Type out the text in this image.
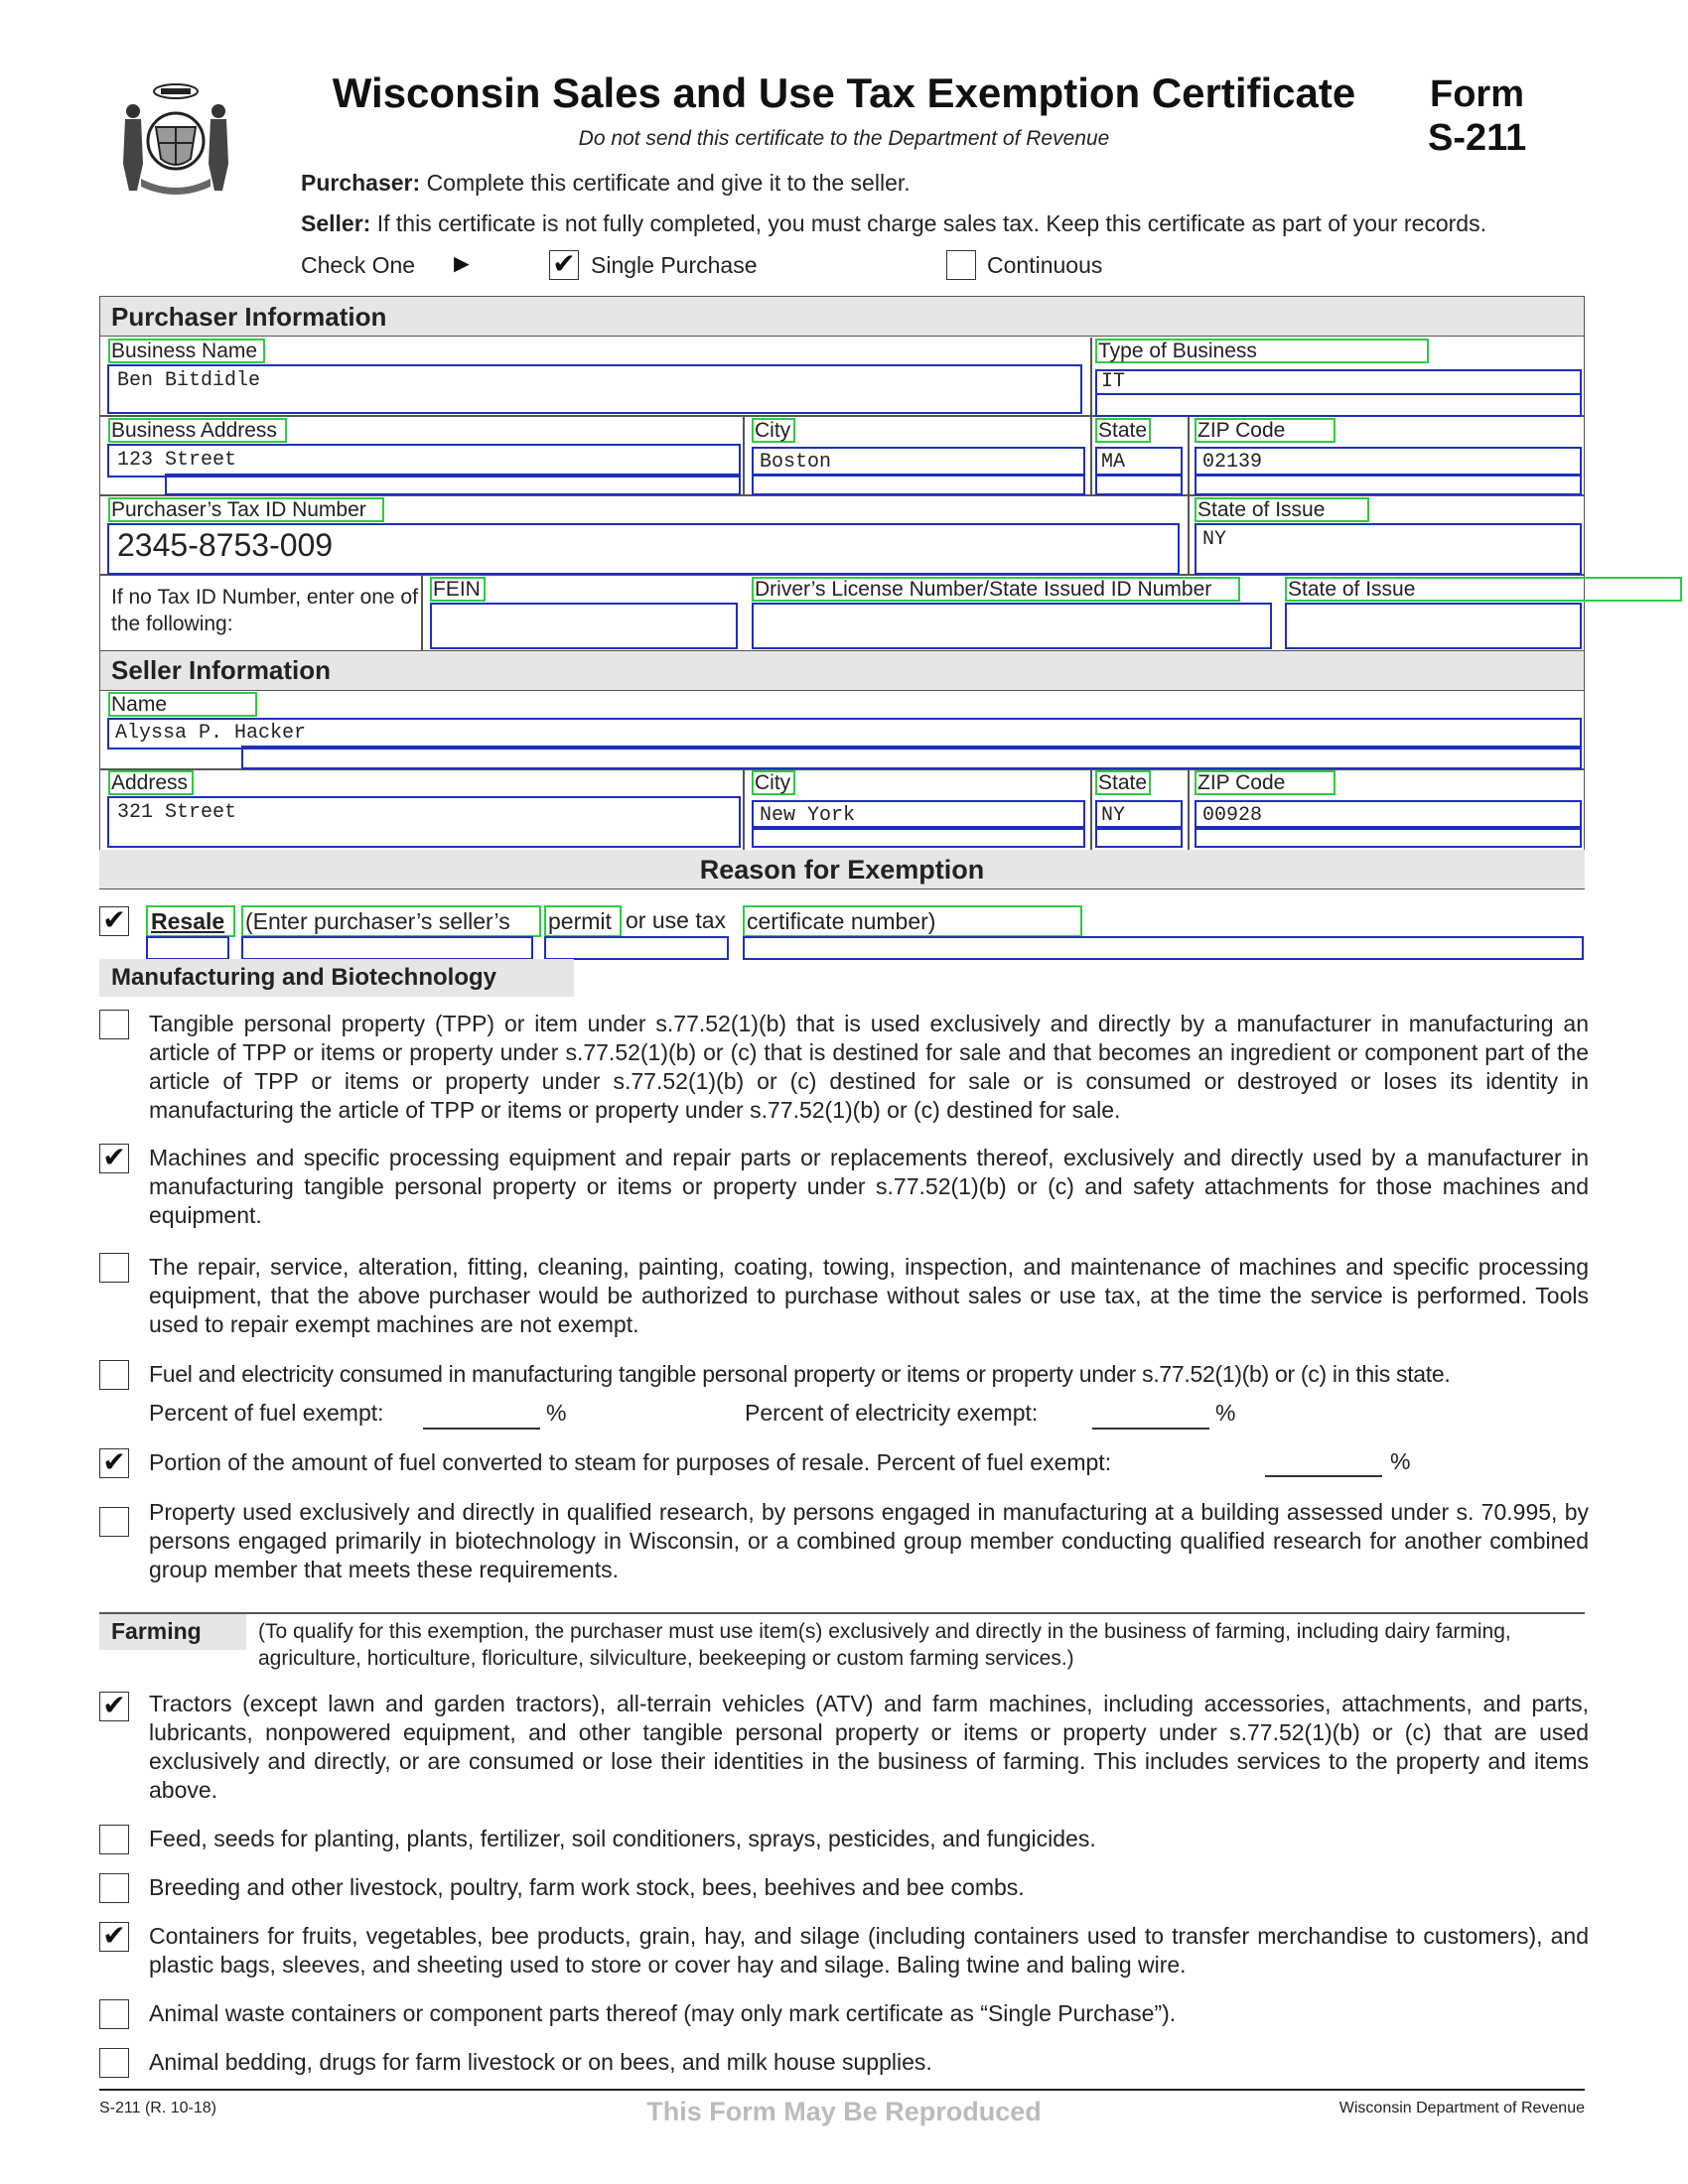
Wisconsin Sales and Use Tax Exemption Certificate
Do not send this certificate to the Department of Revenue
Form
S-211
Purchaser: Complete this certificate and give it to the seller.
Seller: If this certificate is not fully completed, you must charge sales tax. Keep this certificate as part of your records.
Check One ►	✔ Single Purchase	Continuous
Purchaser Information
Business Name
Ben Bitdidle
Type of Business
IT
Business Address
123 Street
City
Boston
State
MA
ZIP Code
02139
Purchaser’s Tax ID Number
2345-8753-009
State of Issue
NY
If no Tax ID Number, enter one of the following:
FEIN	Driver’s License Number/State Issued ID Number	State of Issue
Seller Information
Name
Alyssa P. Hacker
Address
321 Street
City
New York
State
NY
ZIP Code
00928
Reason for Exemption
✔ Resale (Enter purchaser’s seller’s	permit or use tax certificate number)
Manufacturing and Biotechnology
Tangible personal property (TPP) or item under s.77.52(1)(b) that is used exclusively and directly by a manufacturer in manufacturing an article of TPP or items or property under s.77.52(1)(b) or (c) that is destined for sale and that becomes an ingredient or component part of the article of TPP or items or property under s.77.52(1)(b) or (c) destined for sale or is consumed or destroyed or loses its identity in manufacturing the article of TPP or items or property under s.77.52(1)(b) or (c) destined for sale.
✔ Machines and specific processing equipment and repair parts or replacements thereof, exclusively and directly used by a manufacturer in manufacturing tangible personal property or items or property under s.77.52(1)(b) or (c) and safety attachments for those machines and equipment.
The repair, service, alteration, fitting, cleaning, painting, coating, towing, inspection, and maintenance of machines and specific processing equipment, that the above purchaser would be authorized to purchase without sales or use tax, at the time the service is performed. Tools used to repair exempt machines are not exempt.
Fuel and electricity consumed in manufacturing tangible personal property or items or property under s.77.52(1)(b) or (c) in this state.
Percent of fuel exempt:	%	Percent of electricity exempt:	%
✔ Portion of the amount of fuel converted to steam for purposes of resale. Percent of fuel exempt:	%
Property used exclusively and directly in qualified research, by persons engaged in manufacturing at a building assessed under s. 70.995, by persons engaged primarily in biotechnology in Wisconsin, or a combined group member conducting qualified research for another combined group member that meets these requirements.
Farming	(To qualify for this exemption, the purchaser must use item(s) exclusively and directly in the business of farming, including dairy farming, agriculture, horticulture, floriculture, silviculture, beekeeping or custom farming services.)
✔ Tractors (except lawn and garden tractors), all-terrain vehicles (ATV) and farm machines, including accessories, attachments, and parts, lubricants, nonpowered equipment, and other tangible personal property or items or property under s.77.52(1)(b) or (c) that are used exclusively and directly, or are consumed or lose their identities in the business of farming. This includes services to the property and items above.
Feed, seeds for planting, plants, fertilizer, soil conditioners, sprays, pesticides, and fungicides.
Breeding and other livestock, poultry, farm work stock, bees, beehives and bee combs.
✔ Containers for fruits, vegetables, bee products, grain, hay, and silage (including containers used to transfer merchandise to customers), and plastic bags, sleeves, and sheeting used to store or cover hay and silage. Baling twine and baling wire.
Animal waste containers or component parts thereof (may only mark certificate as “Single Purchase”).
Animal bedding, drugs for farm livestock or on bees, and milk house supplies.
S-211 (R. 10-18)	This Form May Be Reproduced	Wisconsin Department of Revenue
